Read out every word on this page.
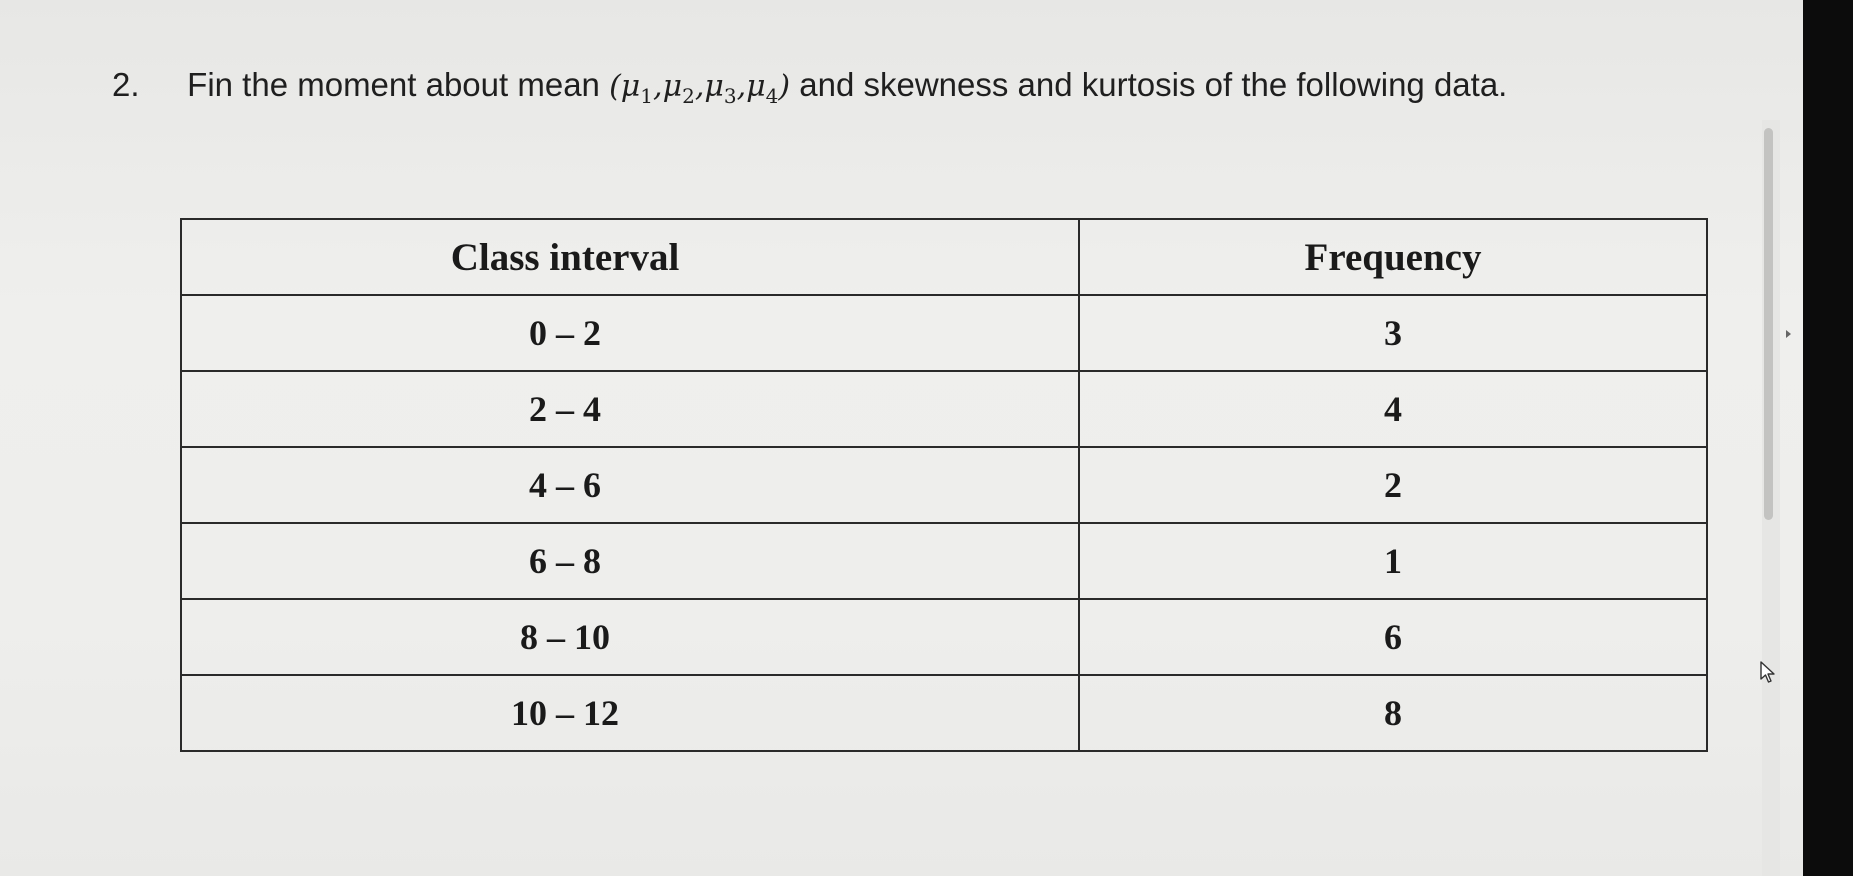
2. Fin the moment about mean $(\mu_1,\mu_2,\mu_3,\mu_4)$ and skewness and kurtosis of the following data.
Class interval	Frequency
0 – 2	3
2 – 4	4
4 – 6	2
6 – 8	1
8 – 10	6
10 – 12	8
